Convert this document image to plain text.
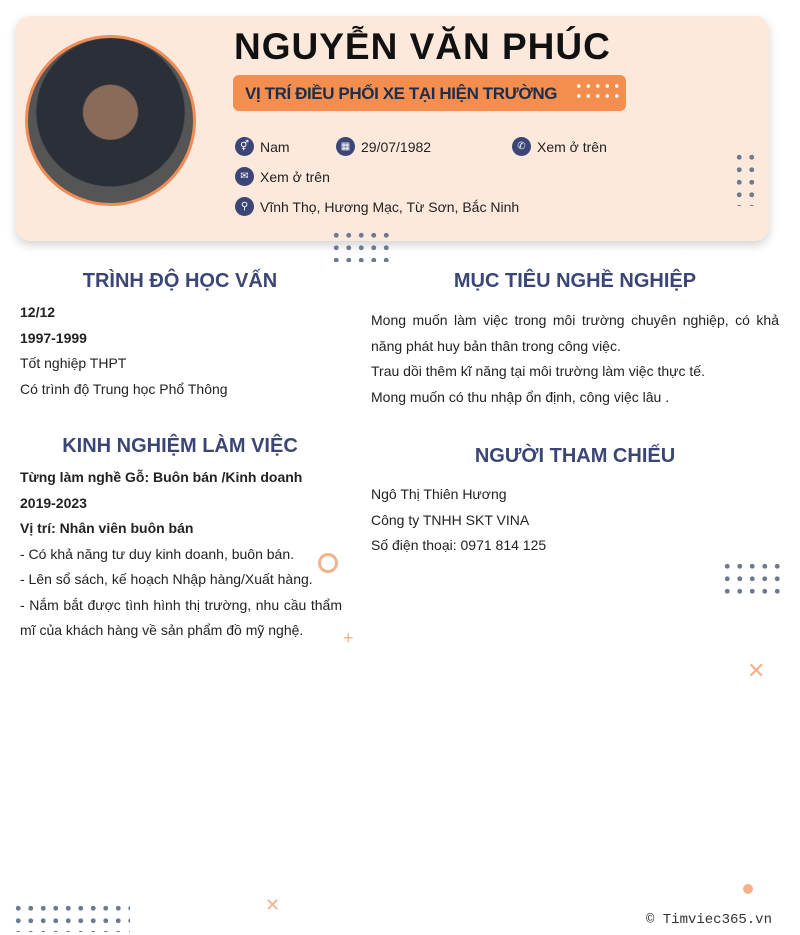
NGUYỄN VĂN PHÚC
VỊ TRÍ ĐIỀU PHỐI XE TẠI HIỆN TRƯỜNG
⚥ Nam	▦ 29/07/1982	✆ Xem ở trên
✉ Xem ở trên
⚲ Vĩnh Thọ, Hương Mạc, Từ Sơn, Bắc Ninh
+
✕
✕
TRÌNH ĐỘ HỌC VẤN
12/12
1997-1999
Tốt nghiệp THPT
Có trình độ Trung học Phổ Thông
KINH NGHIỆM LÀM VIỆC
Từng làm nghề Gỗ: Buôn bán /Kinh doanh
2019-2023
Vị trí: Nhân viên buôn bán
- Có khả năng tư duy kinh doanh, buôn bán.
- Lên sổ sách, kế hoạch Nhập hàng/Xuất hàng.
- Nắm bắt được tình hình thị trường, nhu cầu thẩm mĩ của khách hàng về sản phẩm đồ mỹ nghệ.
MỤC TIÊU NGHỀ NGHIỆP
Mong muốn làm việc trong môi trường chuyên nghiệp, có khả năng phát huy bản thân trong công việc.
Trau dồi thêm kĩ năng tại môi trường làm việc thực tế.
Mong muốn có thu nhập ổn định, công việc lâu .
NGƯỜI THAM CHIẾU
Ngô Thị Thiên Hương
Công ty TNHH SKT VINA
Số điện thoại: 0971 814 125
© Timviec365.vn
